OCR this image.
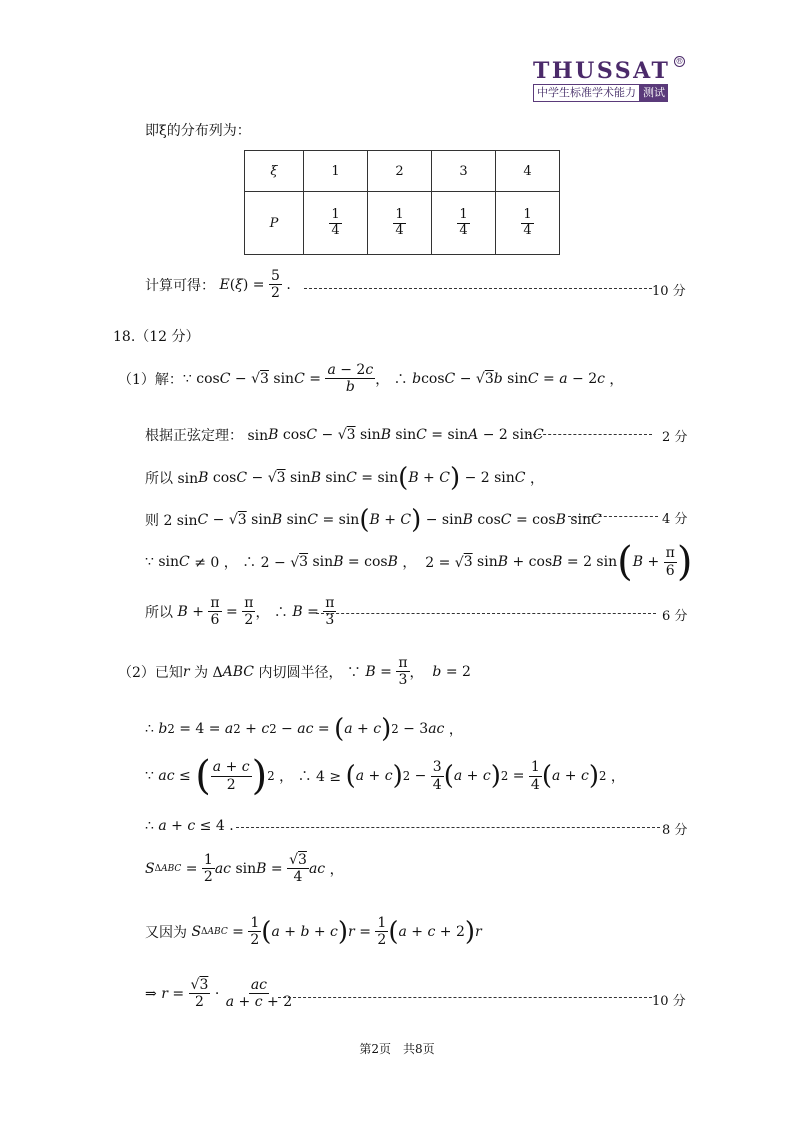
THUSSAT ®
中学生标准学术能力 测试
即ξ的分布列为：
ξ	1	2	3	4
P	$\frac{1}{4}$	$\frac{1}{4}$	$\frac{1}{4}$	$\frac{1}{4}$
计算可得：
E ( ξ ) =
5
2
.	10 分
18.（12 分）
（1）解： ∵ cos C − √ 3 sin C =
a − 2c
b ， ∴ b cos C − √ 3 b sin C = a − 2 c ，
根据正弦定理： sin B cos C − √ 3 sin B sin C = sin A − 2 sin C	2 分
所以 sin B cos C − √ 3 sin B sin C = sin ( B + C ) − 2 sin C ，
则 2 sin C − √ 3 sin B sin C = sin ( B + C ) − sin B cos C = cos B sin C	4 分
∵ sin C ≠ 0 ， ∴ 2 − √ 3 sin B = cos B ，  2 = √ 3 sin B + cos B = 2 sin ( B +
π
6 )
所以 B +
π
6
=
π
2 ， ∴ B =
π
3	6 分
（2）已知 r 为 Δ ABC 内切圆半径， ∵ B =
π
3 ， b = 2
∴ b 2 = 4 = a 2 + c 2 − ac = ( a + c ) 2 − 3 ac ，
∵ ac ≤ ( a + c
2 ) 2 ， ∴ 4 ≥ ( a + c ) 2 −
3
4 ( a + c ) 2 =
1
4 ( a + c ) 2 ，
∴ a + c ≤ 4 .	8 分
S ΔABC =
1
2
ac sin B =
√3
4
ac ，
又因为 S ΔABC =
1
2 ( a + b + c ) r =
1
2 ( a + c + 2 ) r
⇒ r =
√3
2
·
ac
a + c + 2	10 分
第2页　共8页
